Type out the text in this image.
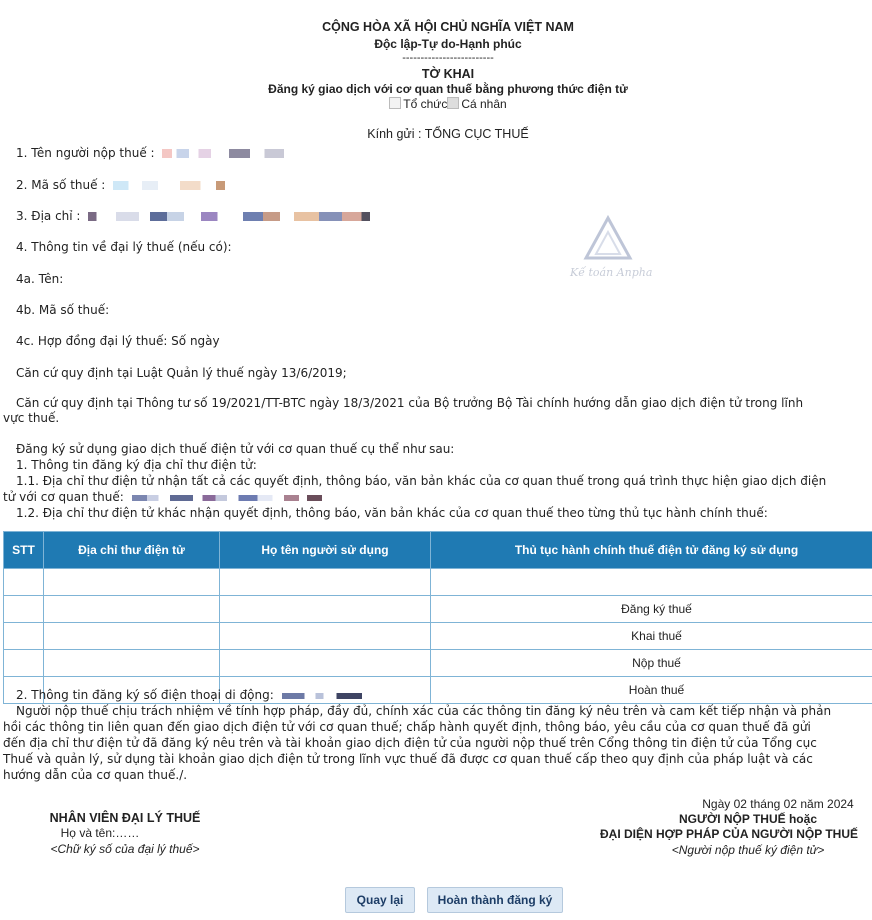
CỘNG HÒA XÃ HỘI CHỦ NGHĨA VIỆT NAM
Độc lập-Tự do-Hạnh phúc
-------------------------
TỜ KHAI
Đăng ký giao dịch với cơ quan thuế bằng phương thức điện tử
Tổ chức Cá nhân
Kính gửi : TỔNG CỤC THUẾ
Kế toán Anpha
1. Tên người nộp thuế :
2. Mã số thuế :
3. Địa chỉ :
4. Thông tin về đại lý thuế (nếu có):
4a. Tên:
4b. Mã số thuế:
4c. Hợp đồng đại lý thuế: Số ngày
Căn cứ quy định tại Luật Quản lý thuế ngày 13/6/2019;
Căn cứ quy định tại Thông tư số 19/2021/TT-BTC ngày 18/3/2021 của Bộ trưởng Bộ Tài chính hướng dẫn giao dịch điện tử trong lĩnh
vực thuế.
Đăng ký sử dụng giao dịch thuế điện tử với cơ quan thuế cụ thể như sau:
1. Thông tin đăng ký địa chỉ thư điện tử:
1.1. Địa chỉ thư điện tử nhận tất cả các quyết định, thông báo, văn bản khác của cơ quan thuế trong quá trình thực hiện giao dịch điện
tử với cơ quan thuế:
1.2. Địa chỉ thư điện tử khác nhận quyết định, thông báo, văn bản khác của cơ quan thuế theo từng thủ tục hành chính thuế:
STT	Địa chỉ thư điện tử	Họ tên người sử dụng	Thủ tục hành chính thuế điện tử đăng ký sử dụng

			Đăng ký thuế
			Khai thuế
			Nộp thuế
			Hoàn thuế
2. Thông tin đăng ký số điện thoại di động:
Người nộp thuế chịu trách nhiệm về tính hợp pháp, đầy đủ, chính xác của các thông tin đăng ký nêu trên và cam kết tiếp nhận và phản
hồi các thông tin liên quan đến giao dịch điện tử với cơ quan thuế; chấp hành quyết định, thông báo, yêu cầu của cơ quan thuế đã gửi
đến địa chỉ thư điện tử đã đăng ký nêu trên và tài khoản giao dịch điện tử của người nộp thuế trên Cổng thông tin điện tử của Tổng cục
Thuế và quản lý, sử dụng tài khoản giao dịch điện tử trong lĩnh vực thuế đã được cơ quan thuế cấp theo quy định của pháp luật và các
hướng dẫn của cơ quan thuế./.
NHÂN VIÊN ĐẠI LÝ THUẾ
Họ và tên:……
<Chữ ký số của đại lý thuế>
Ngày 02 tháng 02 năm 2024
NGƯỜI NỘP THUẾ hoặc
ĐẠI DIỆN HỢP PHÁP CỦA NGƯỜI NỘP THUẾ
<Người nộp thuế ký điện tử>
Quay lại	Hoàn thành đăng ký
